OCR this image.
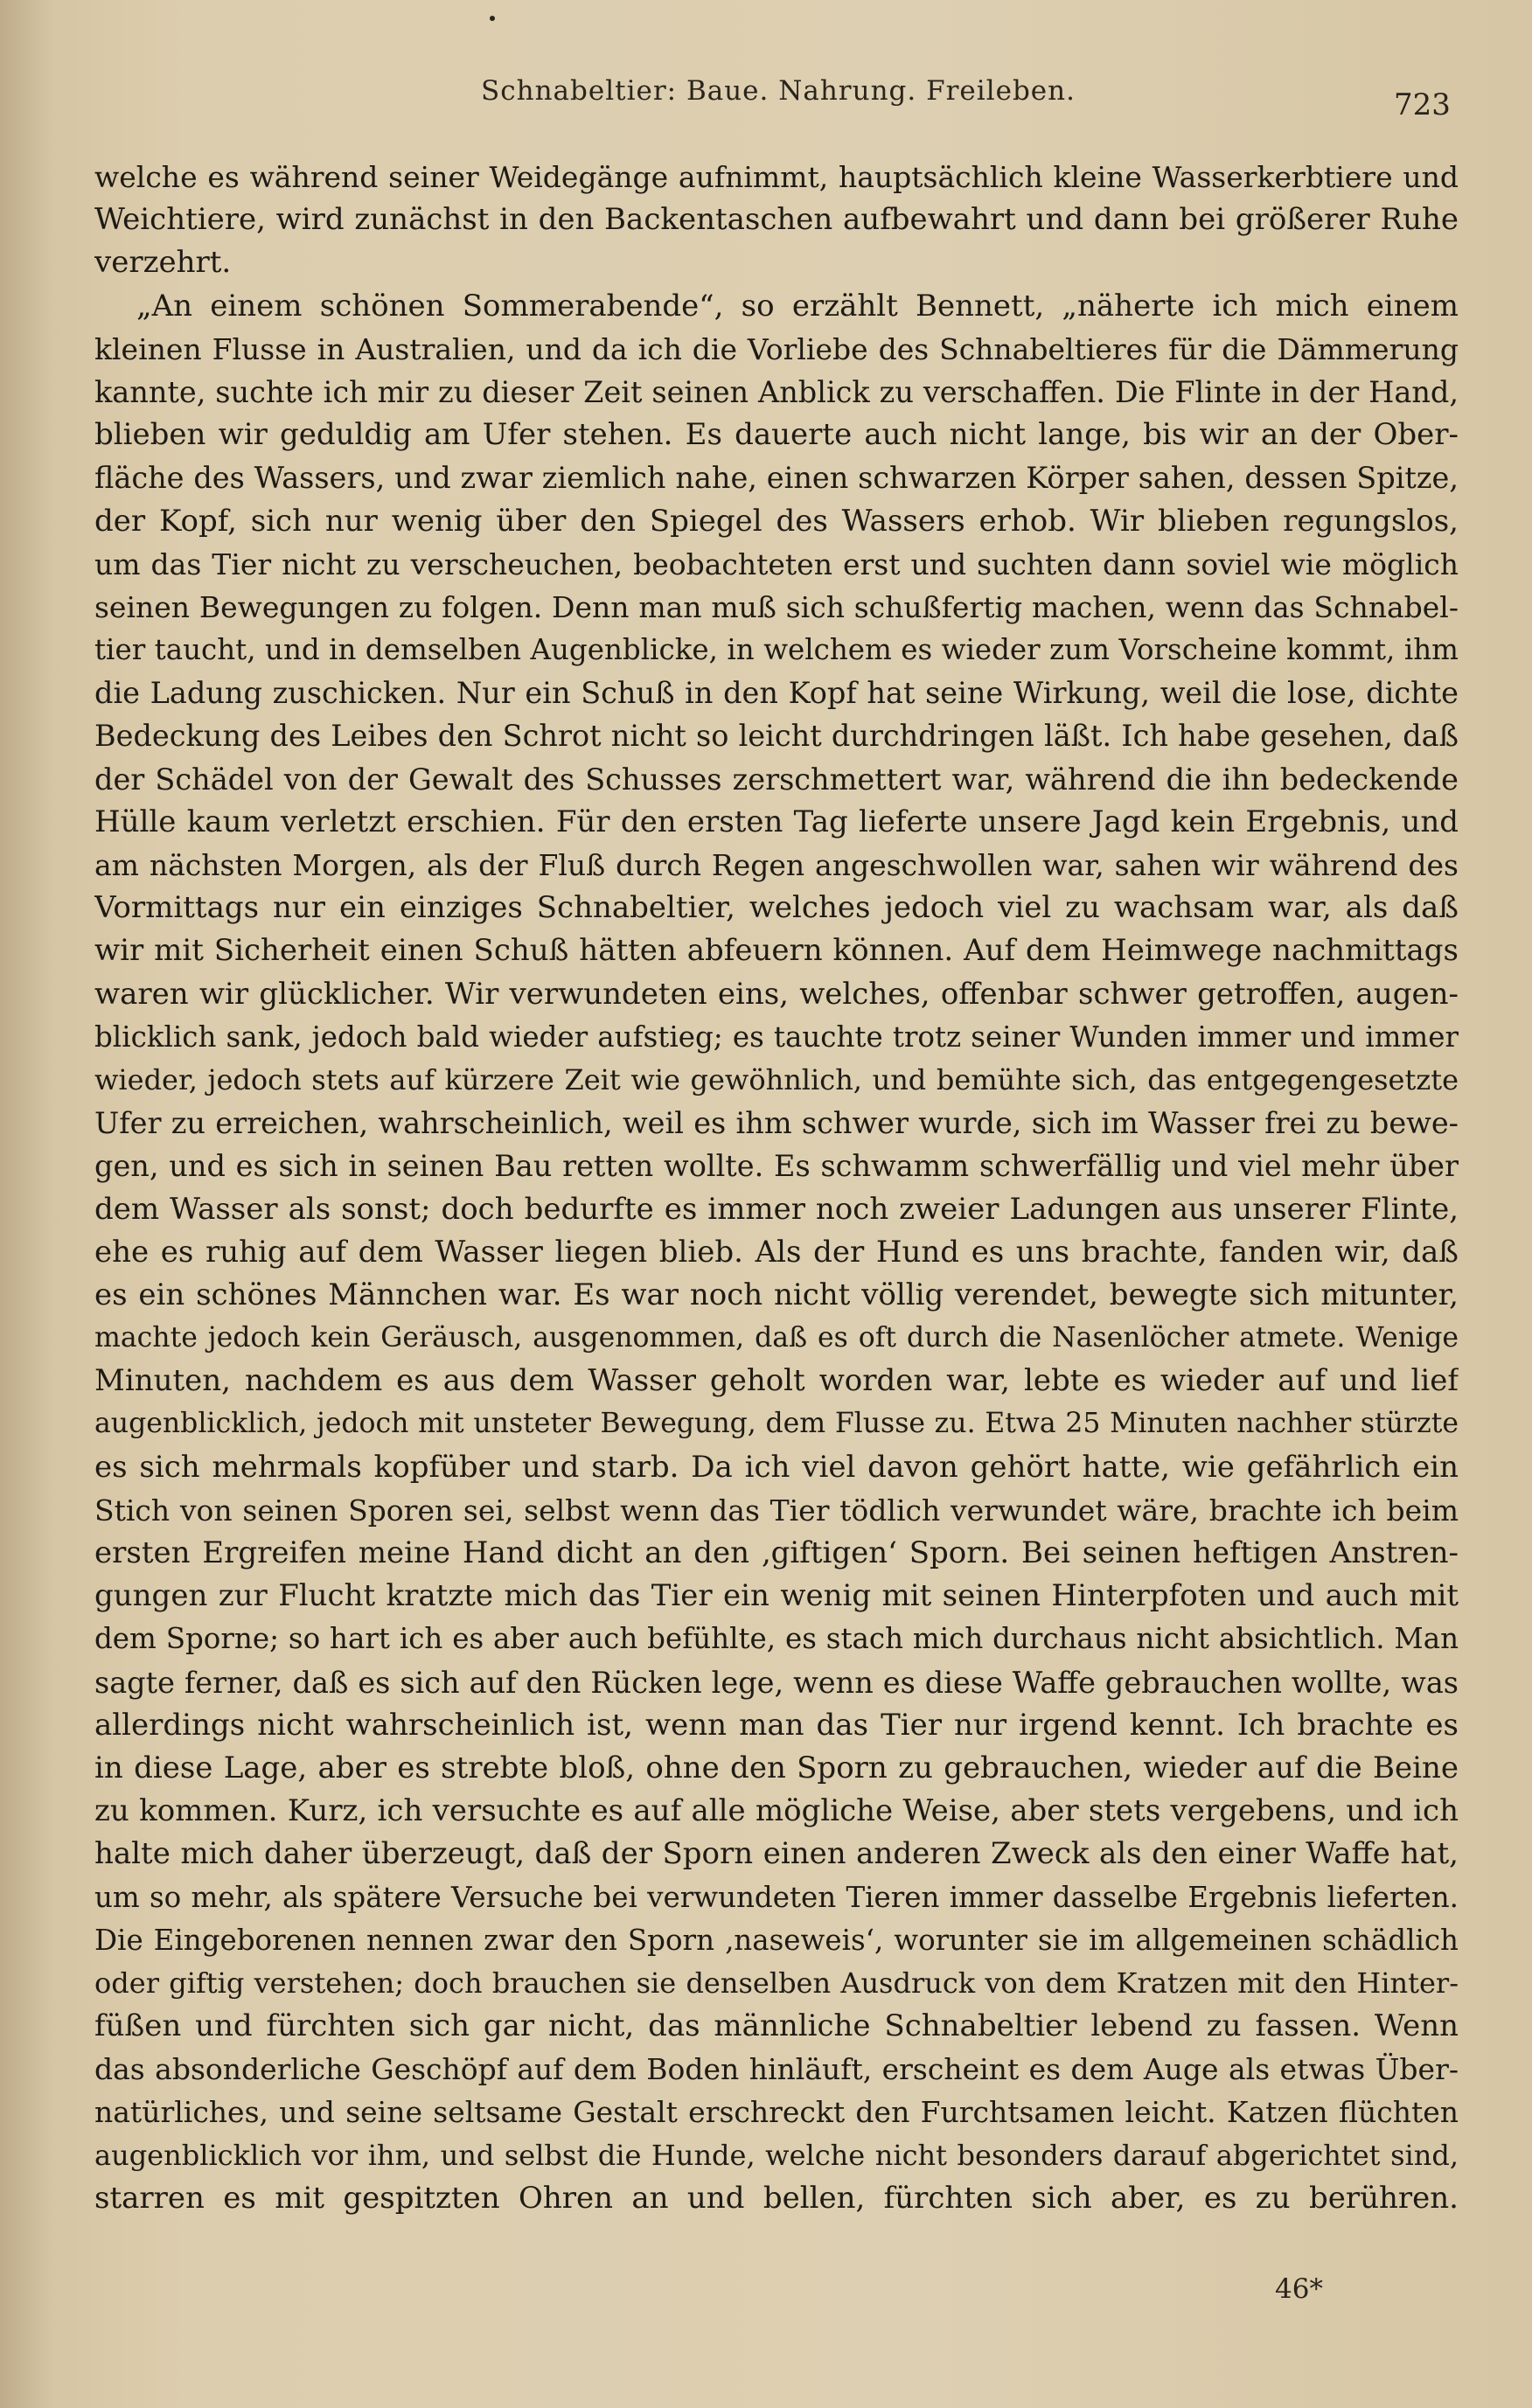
Schnabeltier: Baue. Nahrung. Freileben.	723
welche es während seiner Weidegänge aufnimmt, hauptsächlich kleine Wasserkerbtiere und
Weichtiere, wird zunächst in den Backentaschen aufbewahrt und dann bei größerer Ruhe
verzehrt.
„An einem schönen Sommerabende“, so erzählt Bennett, „näherte ich mich einem
kleinen Flusse in Australien, und da ich die Vorliebe des Schnabeltieres für die Dämmerung
kannte, suchte ich mir zu dieser Zeit seinen Anblick zu verschaffen. Die Flinte in der Hand,
blieben wir geduldig am Ufer stehen. Es dauerte auch nicht lange, bis wir an der Ober-
fläche des Wassers, und zwar ziemlich nahe, einen schwarzen Körper sahen, dessen Spitze,
der Kopf, sich nur wenig über den Spiegel des Wassers erhob. Wir blieben regungslos,
um das Tier nicht zu verscheuchen, beobachteten erst und suchten dann soviel wie möglich
seinen Bewegungen zu folgen. Denn man muß sich schußfertig machen, wenn das Schnabel-
tier taucht, und in demselben Augenblicke, in welchem es wieder zum Vorscheine kommt, ihm
die Ladung zuschicken. Nur ein Schuß in den Kopf hat seine Wirkung, weil die lose, dichte
Bedeckung des Leibes den Schrot nicht so leicht durchdringen läßt. Ich habe gesehen, daß
der Schädel von der Gewalt des Schusses zerschmettert war, während die ihn bedeckende
Hülle kaum verletzt erschien. Für den ersten Tag lieferte unsere Jagd kein Ergebnis, und
am nächsten Morgen, als der Fluß durch Regen angeschwollen war, sahen wir während des
Vormittags nur ein einziges Schnabeltier, welches jedoch viel zu wachsam war, als daß
wir mit Sicherheit einen Schuß hätten abfeuern können. Auf dem Heimwege nachmittags
waren wir glücklicher. Wir verwundeten eins, welches, offenbar schwer getroffen, augen-
blicklich sank, jedoch bald wieder aufstieg; es tauchte trotz seiner Wunden immer und immer
wieder, jedoch stets auf kürzere Zeit wie gewöhnlich, und bemühte sich, das entgegengesetzte
Ufer zu erreichen, wahrscheinlich, weil es ihm schwer wurde, sich im Wasser frei zu bewe-
gen, und es sich in seinen Bau retten wollte. Es schwamm schwerfällig und viel mehr über
dem Wasser als sonst; doch bedurfte es immer noch zweier Ladungen aus unserer Flinte,
ehe es ruhig auf dem Wasser liegen blieb. Als der Hund es uns brachte, fanden wir, daß
es ein schönes Männchen war. Es war noch nicht völlig verendet, bewegte sich mitunter,
machte jedoch kein Geräusch, ausgenommen, daß es oft durch die Nasenlöcher atmete. Wenige
Minuten, nachdem es aus dem Wasser geholt worden war, lebte es wieder auf und lief
augenblicklich, jedoch mit unsteter Bewegung, dem Flusse zu. Etwa 25 Minuten nachher stürzte
es sich mehrmals kopfüber und starb. Da ich viel davon gehört hatte, wie gefährlich ein
Stich von seinen Sporen sei, selbst wenn das Tier tödlich verwundet wäre, brachte ich beim
ersten Ergreifen meine Hand dicht an den ‚giftigen‘ Sporn. Bei seinen heftigen Anstren-
gungen zur Flucht kratzte mich das Tier ein wenig mit seinen Hinterpfoten und auch mit
dem Sporne; so hart ich es aber auch befühlte, es stach mich durchaus nicht absichtlich. Man
sagte ferner, daß es sich auf den Rücken lege, wenn es diese Waffe gebrauchen wollte, was
allerdings nicht wahrscheinlich ist, wenn man das Tier nur irgend kennt. Ich brachte es
in diese Lage, aber es strebte bloß, ohne den Sporn zu gebrauchen, wieder auf die Beine
zu kommen. Kurz, ich versuchte es auf alle mögliche Weise, aber stets vergebens, und ich
halte mich daher überzeugt, daß der Sporn einen anderen Zweck als den einer Waffe hat,
um so mehr, als spätere Versuche bei verwundeten Tieren immer dasselbe Ergebnis lieferten.
Die Eingeborenen nennen zwar den Sporn ‚naseweis‘, worunter sie im allgemeinen schädlich
oder giftig verstehen; doch brauchen sie denselben Ausdruck von dem Kratzen mit den Hinter-
füßen und fürchten sich gar nicht, das männliche Schnabeltier lebend zu fassen. Wenn
das absonderliche Geschöpf auf dem Boden hinläuft, erscheint es dem Auge als etwas Über-
natürliches, und seine seltsame Gestalt erschreckt den Furchtsamen leicht. Katzen flüchten
augenblicklich vor ihm, und selbst die Hunde, welche nicht besonders darauf abgerichtet sind,
starren es mit gespitzten Ohren an und bellen, fürchten sich aber, es zu berühren.
46*
